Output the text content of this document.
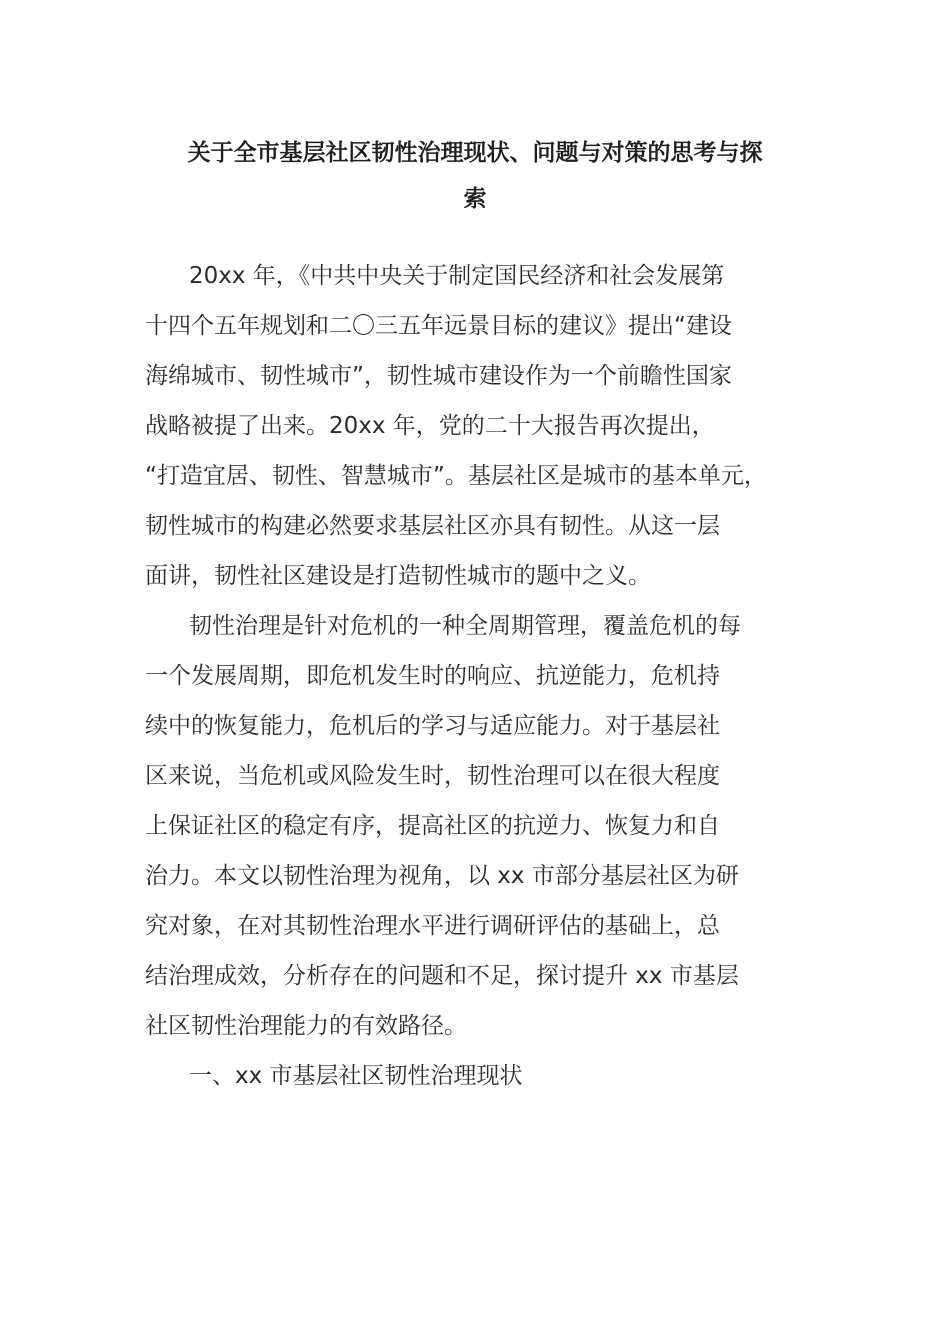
关于全市基层社区韧性治理现状、问题与对策的思考与探
索
20xx 年，《中共中央关于制定国民经济和社会发展第
十四个五年规划和二〇三五年远景目标的建议》提出“建设
海绵城市、韧性城市”，韧性城市建设作为一个前瞻性国家
战略被提了出来。20xx 年，党的二十大报告再次提出，
“打造宜居、韧性、智慧城市”。基层社区是城市的基本单元，
韧性城市的构建必然要求基层社区亦具有韧性。从这一层
面讲，韧性社区建设是打造韧性城市的题中之义。
韧性治理是针对危机的一种全周期管理，覆盖危机的每
一个发展周期，即危机发生时的响应、抗逆能力，危机持
续中的恢复能力，危机后的学习与适应能力。对于基层社
区来说，当危机或风险发生时，韧性治理可以在很大程度
上保证社区的稳定有序，提高社区的抗逆力、恢复力和自
治力。本文以韧性治理为视角，以 xx 市部分基层社区为研
究对象，在对其韧性治理水平进行调研评估的基础上，总
结治理成效，分析存在的问题和不足，探讨提升 xx 市基层
社区韧性治理能力的有效路径。
一、xx 市基层社区韧性治理现状
